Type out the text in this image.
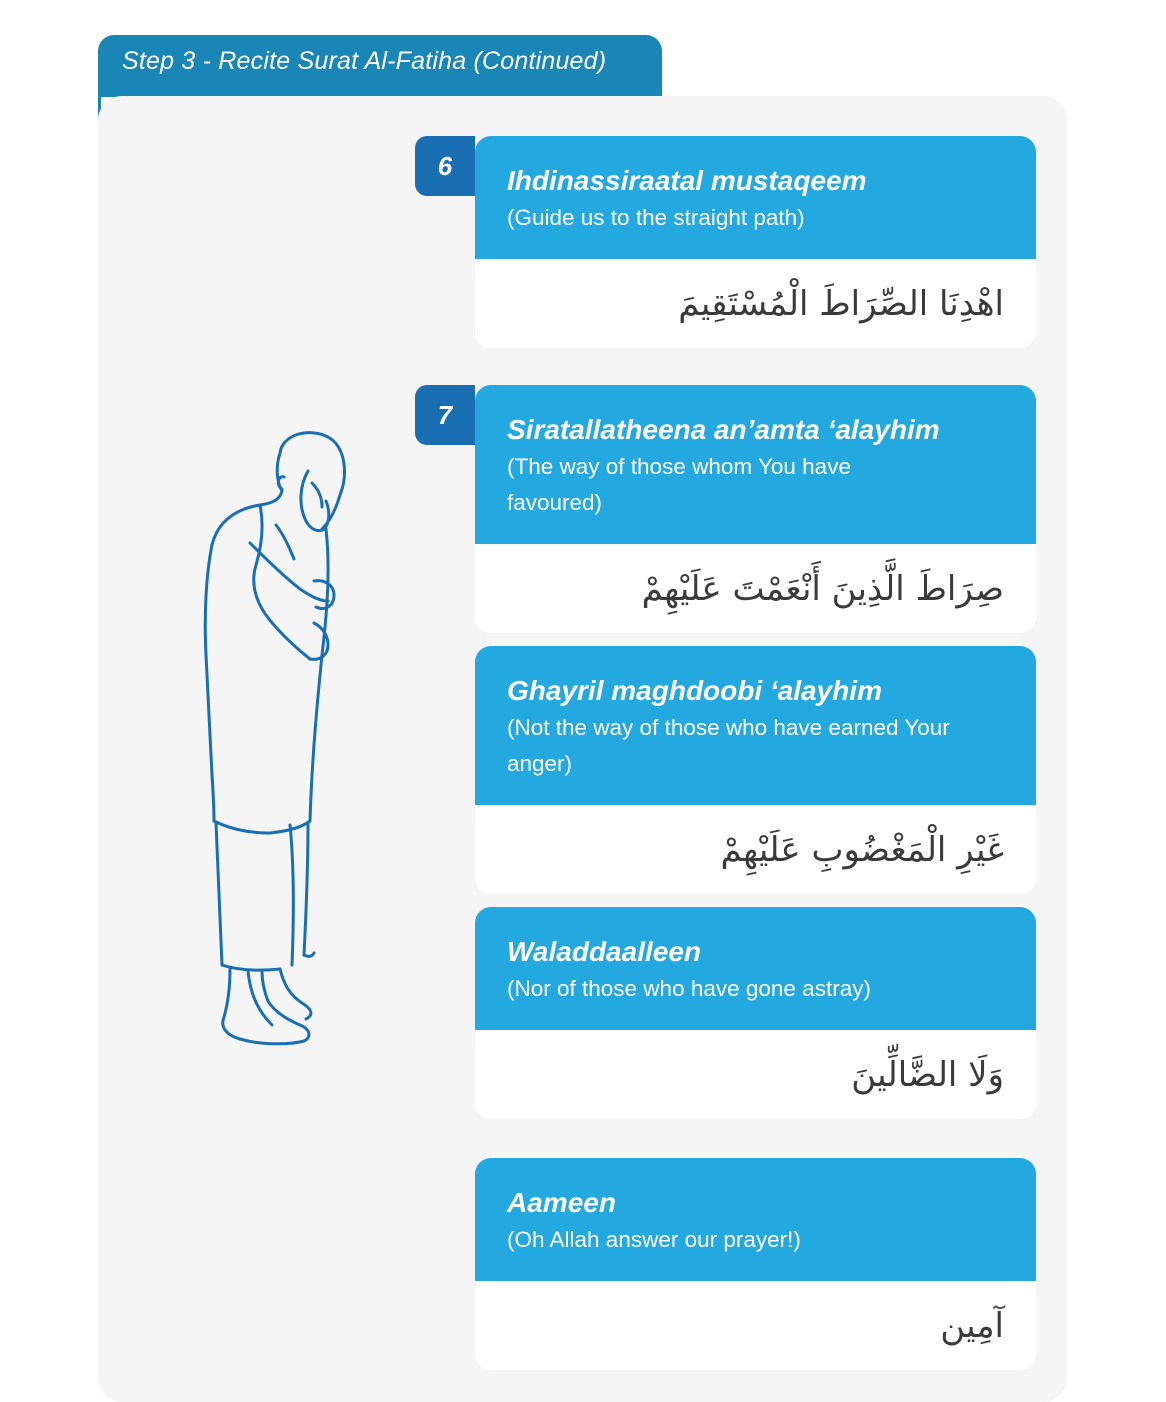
Step 3 - Recite Surat Al-Fatiha (Continued)
6	Ihdinassiraatal mustaqeem
(Guide us to the straight path)
اهْدِنَا الصِّرَاطَ الْمُسْتَقِيمَ
7	Siratallatheena an’amta ‘alayhim
(The way of those whom You have favoured)
صِرَاطَ الَّذِينَ أَنْعَمْتَ عَلَيْهِمْ
Ghayril maghdoobi ‘alayhim
(Not the way of those who have earned Your anger)
غَيْرِ الْمَغْضُوبِ عَلَيْهِمْ
Waladdaalleen
(Nor of those who have gone astray)
وَلَا الضَّالِّينَ
Aameen
(Oh Allah answer our prayer!)
آمِين
